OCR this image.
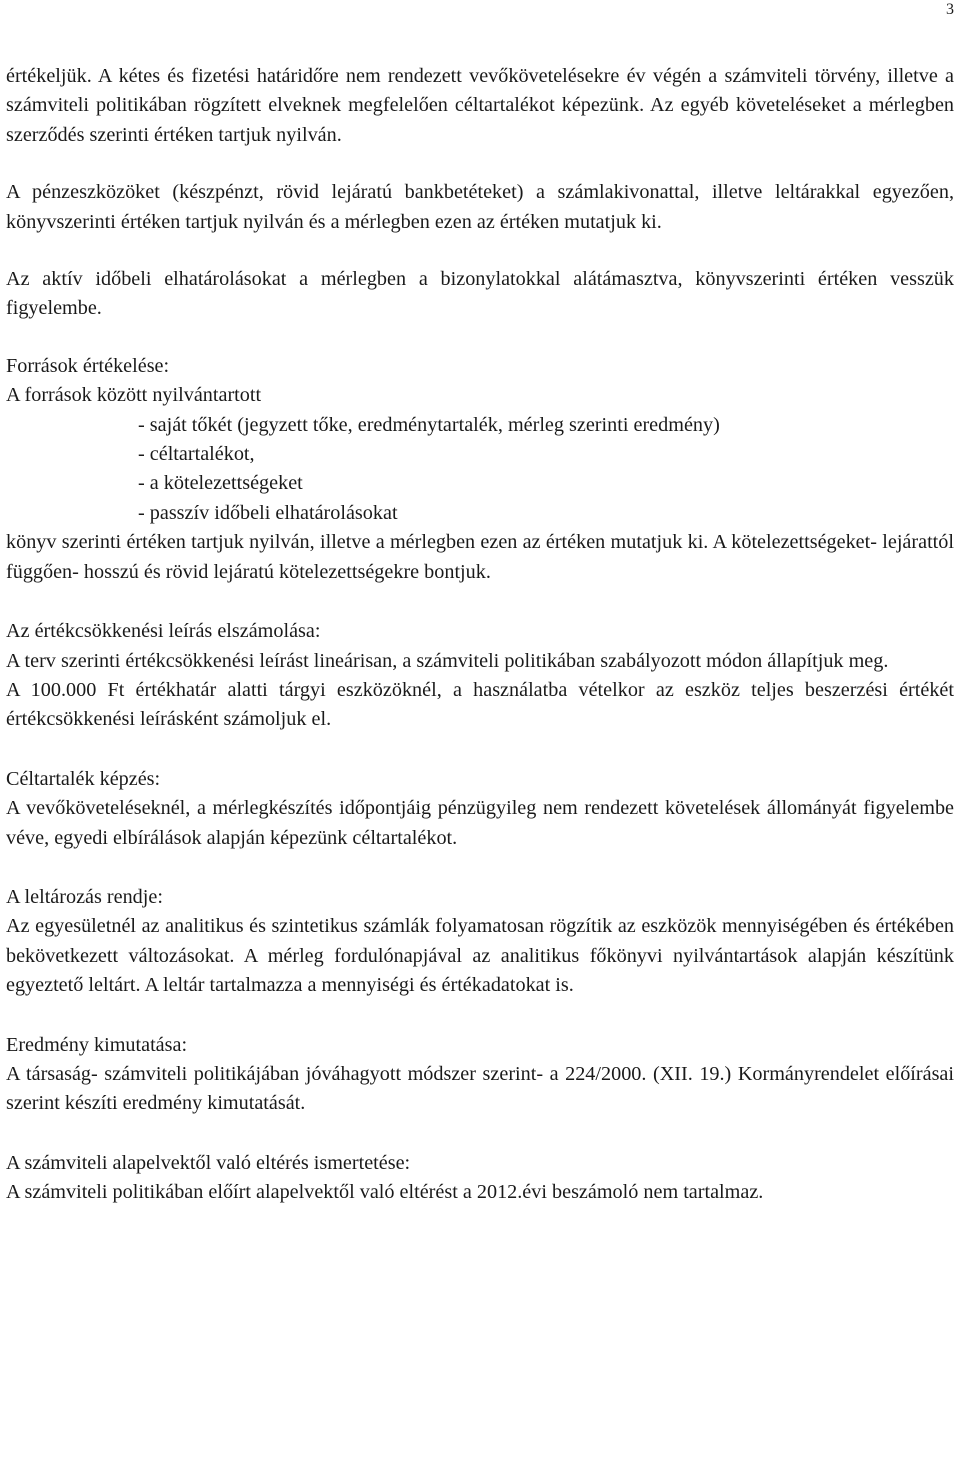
3

értékeljük. A kétes és fizetési határidőre nem rendezett vevőkövetelésekre év végén a számviteli törvény, illetve a számviteli politikában rögzített elveknek megfelelően céltartalékot képezünk. Az egyéb követeléseket a mérlegben szerződés szerinti értéken tartjuk nyilván.

A pénzeszközöket (készpénzt, rövid lejáratú bankbetéteket) a számlakivonattal, illetve leltárakkal egyezően, könyvszerinti értéken tartjuk nyilván és a mérlegben ezen az értéken mutatjuk ki.

Az aktív időbeli elhatárolásokat a mérlegben a bizonylatokkal alátámasztva, könyvszerinti értéken vesszük figyelembe.

Források értékelése:

A források között nyilvántartott

- saját tőkét (jegyzett tőke, eredménytartalék, mérleg szerinti eredmény)

- céltartalékot,

- a kötelezettségeket

- passzív időbeli elhatárolásokat

könyv szerinti értéken tartjuk nyilván, illetve a mérlegben ezen az értéken mutatjuk ki. A kötelezettségeket- lejárattól függően- hosszú és rövid lejáratú kötelezettségekre bontjuk.

Az értékcsökkenési leírás elszámolása:

A terv szerinti értékcsökkenési leírást lineárisan, a számviteli politikában szabályozott módon állapítjuk meg.

A 100.000 Ft értékhatár alatti tárgyi eszközöknél, a használatba vételkor az eszköz teljes beszerzési értékét értékcsökkenési leírásként számoljuk el.

Céltartalék képzés:

A vevőköveteléseknél, a mérlegkészítés időpontjáig pénzügyileg nem rendezett követelések állományát figyelembe véve, egyedi elbírálások alapján képezünk céltartalékot.

A leltározás rendje:

Az egyesületnél az analitikus és szintetikus számlák folyamatosan rögzítik az eszközök mennyiségében és értékében bekövetkezett változásokat. A mérleg fordulónapjával az analitikus főkönyvi nyilvántartások alapján készítünk egyeztető leltárt. A leltár tartalmazza a mennyiségi és értékadatokat is.

Eredmény kimutatása:

A társaság- számviteli politikájában jóváhagyott módszer szerint- a 224/2000. (XII. 19.) Kormányrendelet előírásai szerint készíti eredmény kimutatását.

A számviteli alapelvektől való eltérés ismertetése:

A számviteli politikában előírt alapelvektől való eltérést a 2012.évi beszámoló nem tartalmaz.
